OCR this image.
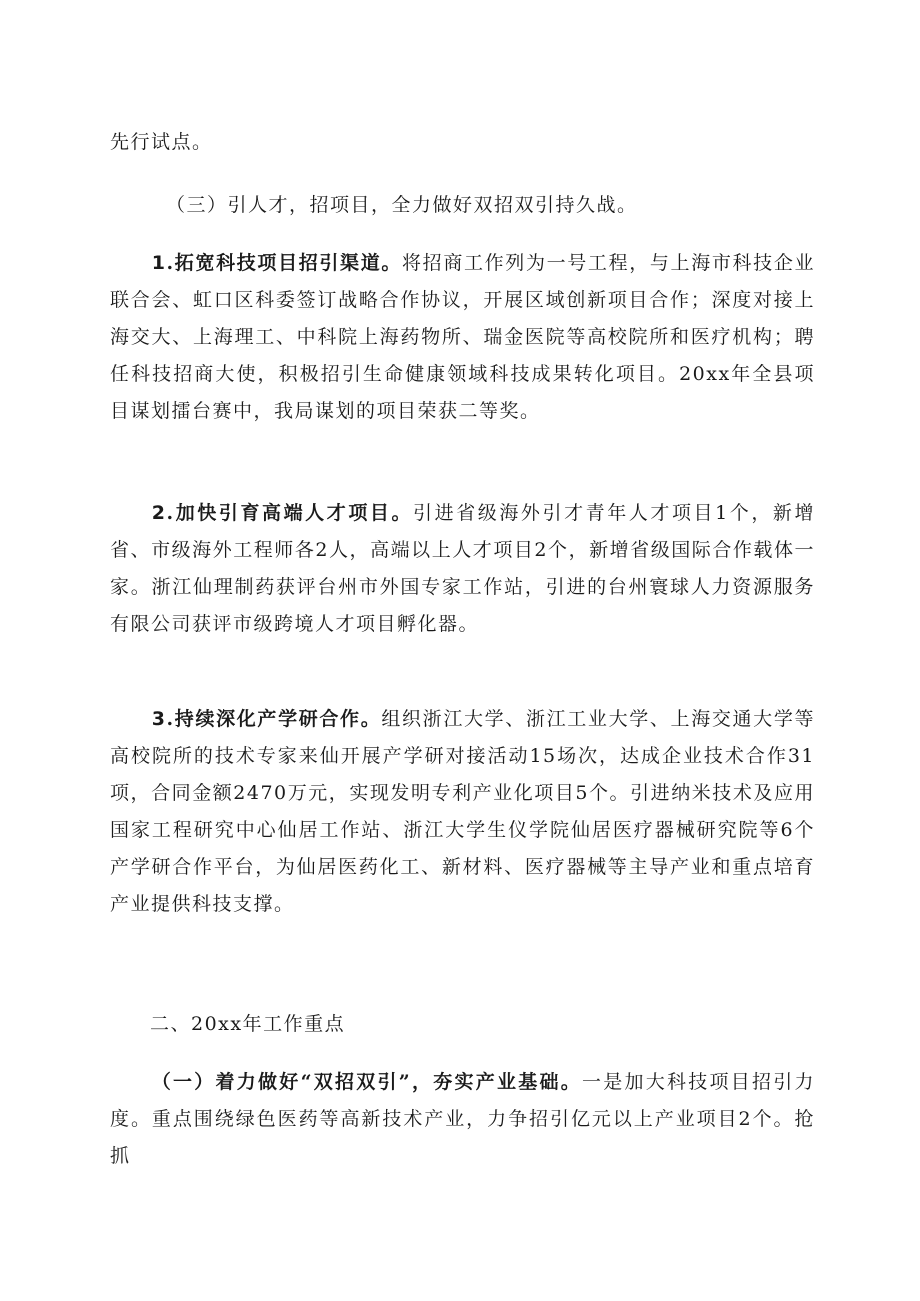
先行试点。

（三）引人才，招项目，全力做好双招双引持久战。

1.拓宽科技项目招引渠道。将招商工作列为一号工程，与上海市科技企业联合会、虹口区科委签订战略合作协议，开展区域创新项目合作；深度对接上海交大、上海理工、中科院上海药物所、瑞金医院等高校院所和医疗机构；聘任科技招商大使，积极招引生命健康领域科技成果转化项目。20xx年全县项目谋划擂台赛中，我局谋划的项目荣获二等奖。

2.加快引育高端人才项目。引进省级海外引才青年人才项目1个，新增省、市级海外工程师各2人，高端以上人才项目2个，新增省级国际合作载体一家。浙江仙理制药获评台州市外国专家工作站，引进的台州寰球人力资源服务有限公司获评市级跨境人才项目孵化器。

3.持续深化产学研合作。组织浙江大学、浙江工业大学、上海交通大学等高校院所的技术专家来仙开展产学研对接活动15场次，达成企业技术合作31项，合同金额2470万元，实现发明专利产业化项目5个。引进纳米技术及应用国家工程研究中心仙居工作站、浙江大学生仪学院仙居医疗器械研究院等6个产学研合作平台，为仙居医药化工、新材料、医疗器械等主导产业和重点培育产业提供科技支撑。

二、20xx年工作重点

（一）着力做好“双招双引”，夯实产业基础。一是加大科技项目招引力度。重点围绕绿色医药等高新技术产业，力争招引亿元以上产业项目2个。抢抓
